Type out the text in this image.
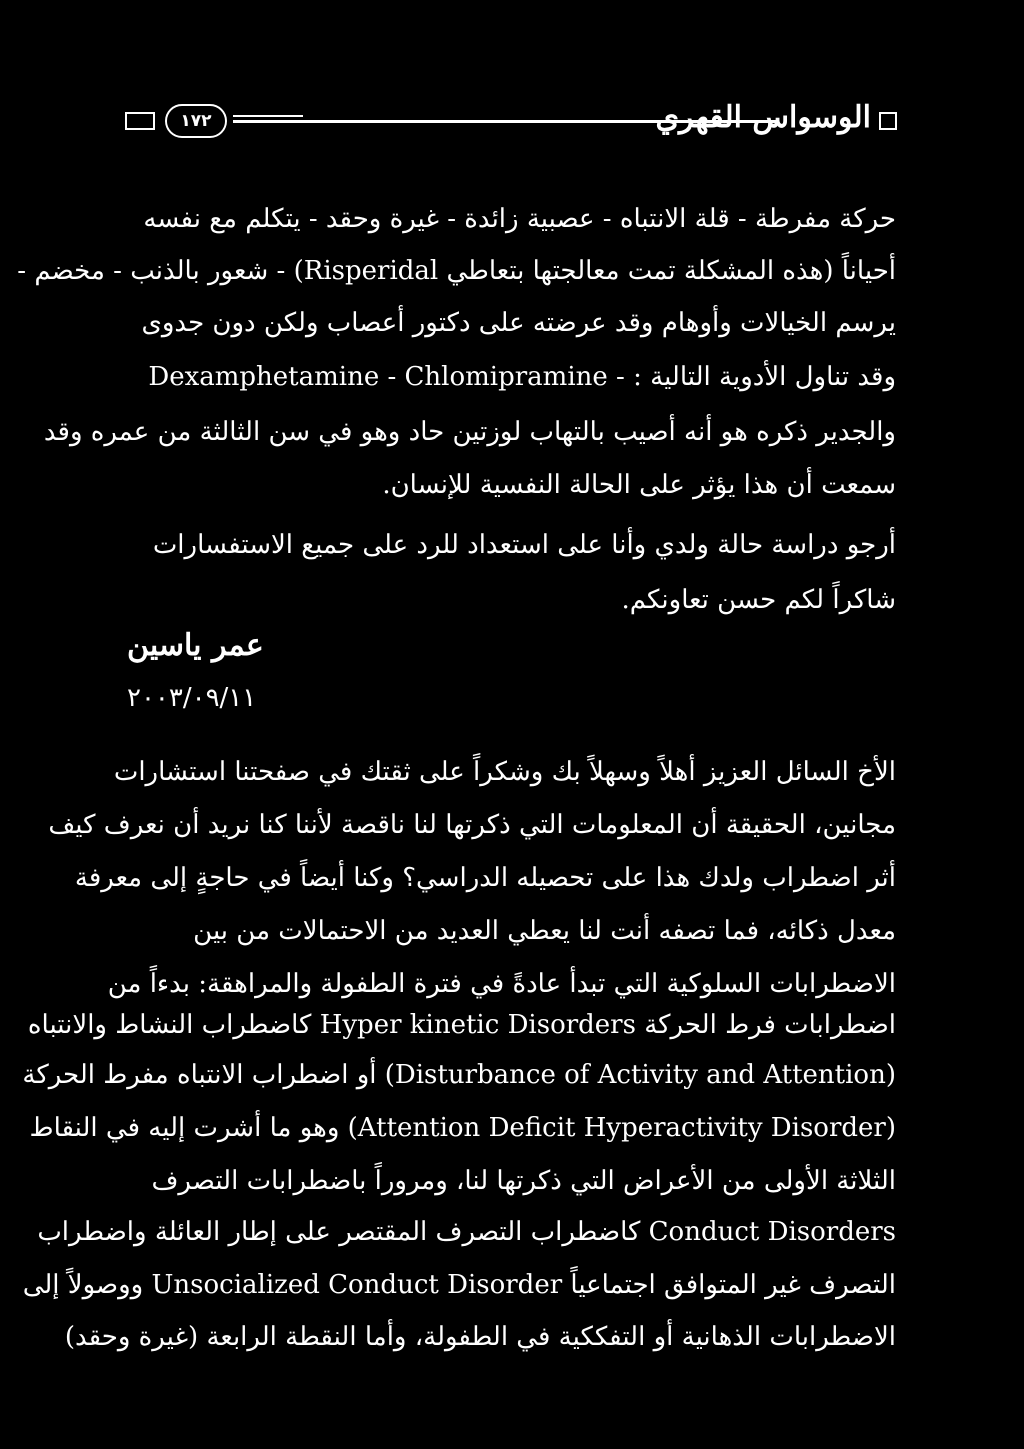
١٧٢	الوسواس القهري
حركة مفرطة - قلة الانتباه - عصبية زائدة - غيرة وحقد - يتكلم مع نفسه
أحياناً (هذه المشكلة تمت معالجتها بتعاطي Risperidal) - شعور بالذنب - مخضم -
يرسم الخيالات وأوهام وقد عرضته على دكتور أعصاب ولكن دون جدوى
وقد تناول الأدوية التالية : - Dexamphetamine - Chlomipramine
والجدير ذكره هو أنه أصيب بالتهاب لوزتين حاد وهو في سن الثالثة من عمره وقد
سمعت أن هذا يؤثر على الحالة النفسية للإنسان.
أرجو دراسة حالة ولدي وأنا على استعداد للرد على جميع الاستفسارات
شاكراً لكم حسن تعاونكم.
عمر ياسين
٢٠٠٣/٠٩/١١
الأخ السائل العزيز أهلاً وسهلاً بك وشكراً على ثقتك في صفحتنا استشارات
مجانين، الحقيقة أن المعلومات التي ذكرتها لنا ناقصة لأننا كنا نريد أن نعرف كيف
أثر اضطراب ولدك هذا على تحصيله الدراسي؟ وكنا أيضاً في حاجةٍ إلى معرفة
معدل ذكائه، فما تصفه أنت لنا يعطي العديد من الاحتمالات من بين
الاضطرابات السلوكية التي تبدأ عادةً في فترة الطفولة والمراهقة: بدءاً من
اضطرابات فرط الحركة Hyper kinetic Disorders كاضطراب النشاط والانتباه
(Disturbance of Activity and Attention) أو اضطراب الانتباه مفرط الحركة
(Attention Deficit Hyperactivity Disorder) وهو ما أشرت إليه في النقاط
الثلاثة الأولى من الأعراض التي ذكرتها لنا، ومروراً باضطرابات التصرف
Conduct Disorders كاضطراب التصرف المقتصر على إطار العائلة واضطراب
التصرف غير المتوافق اجتماعياً Unsocialized Conduct Disorder ووصولاً إلى
الاضطرابات الذهانية أو التفككية في الطفولة، وأما النقطة الرابعة (غيرة وحقد)
